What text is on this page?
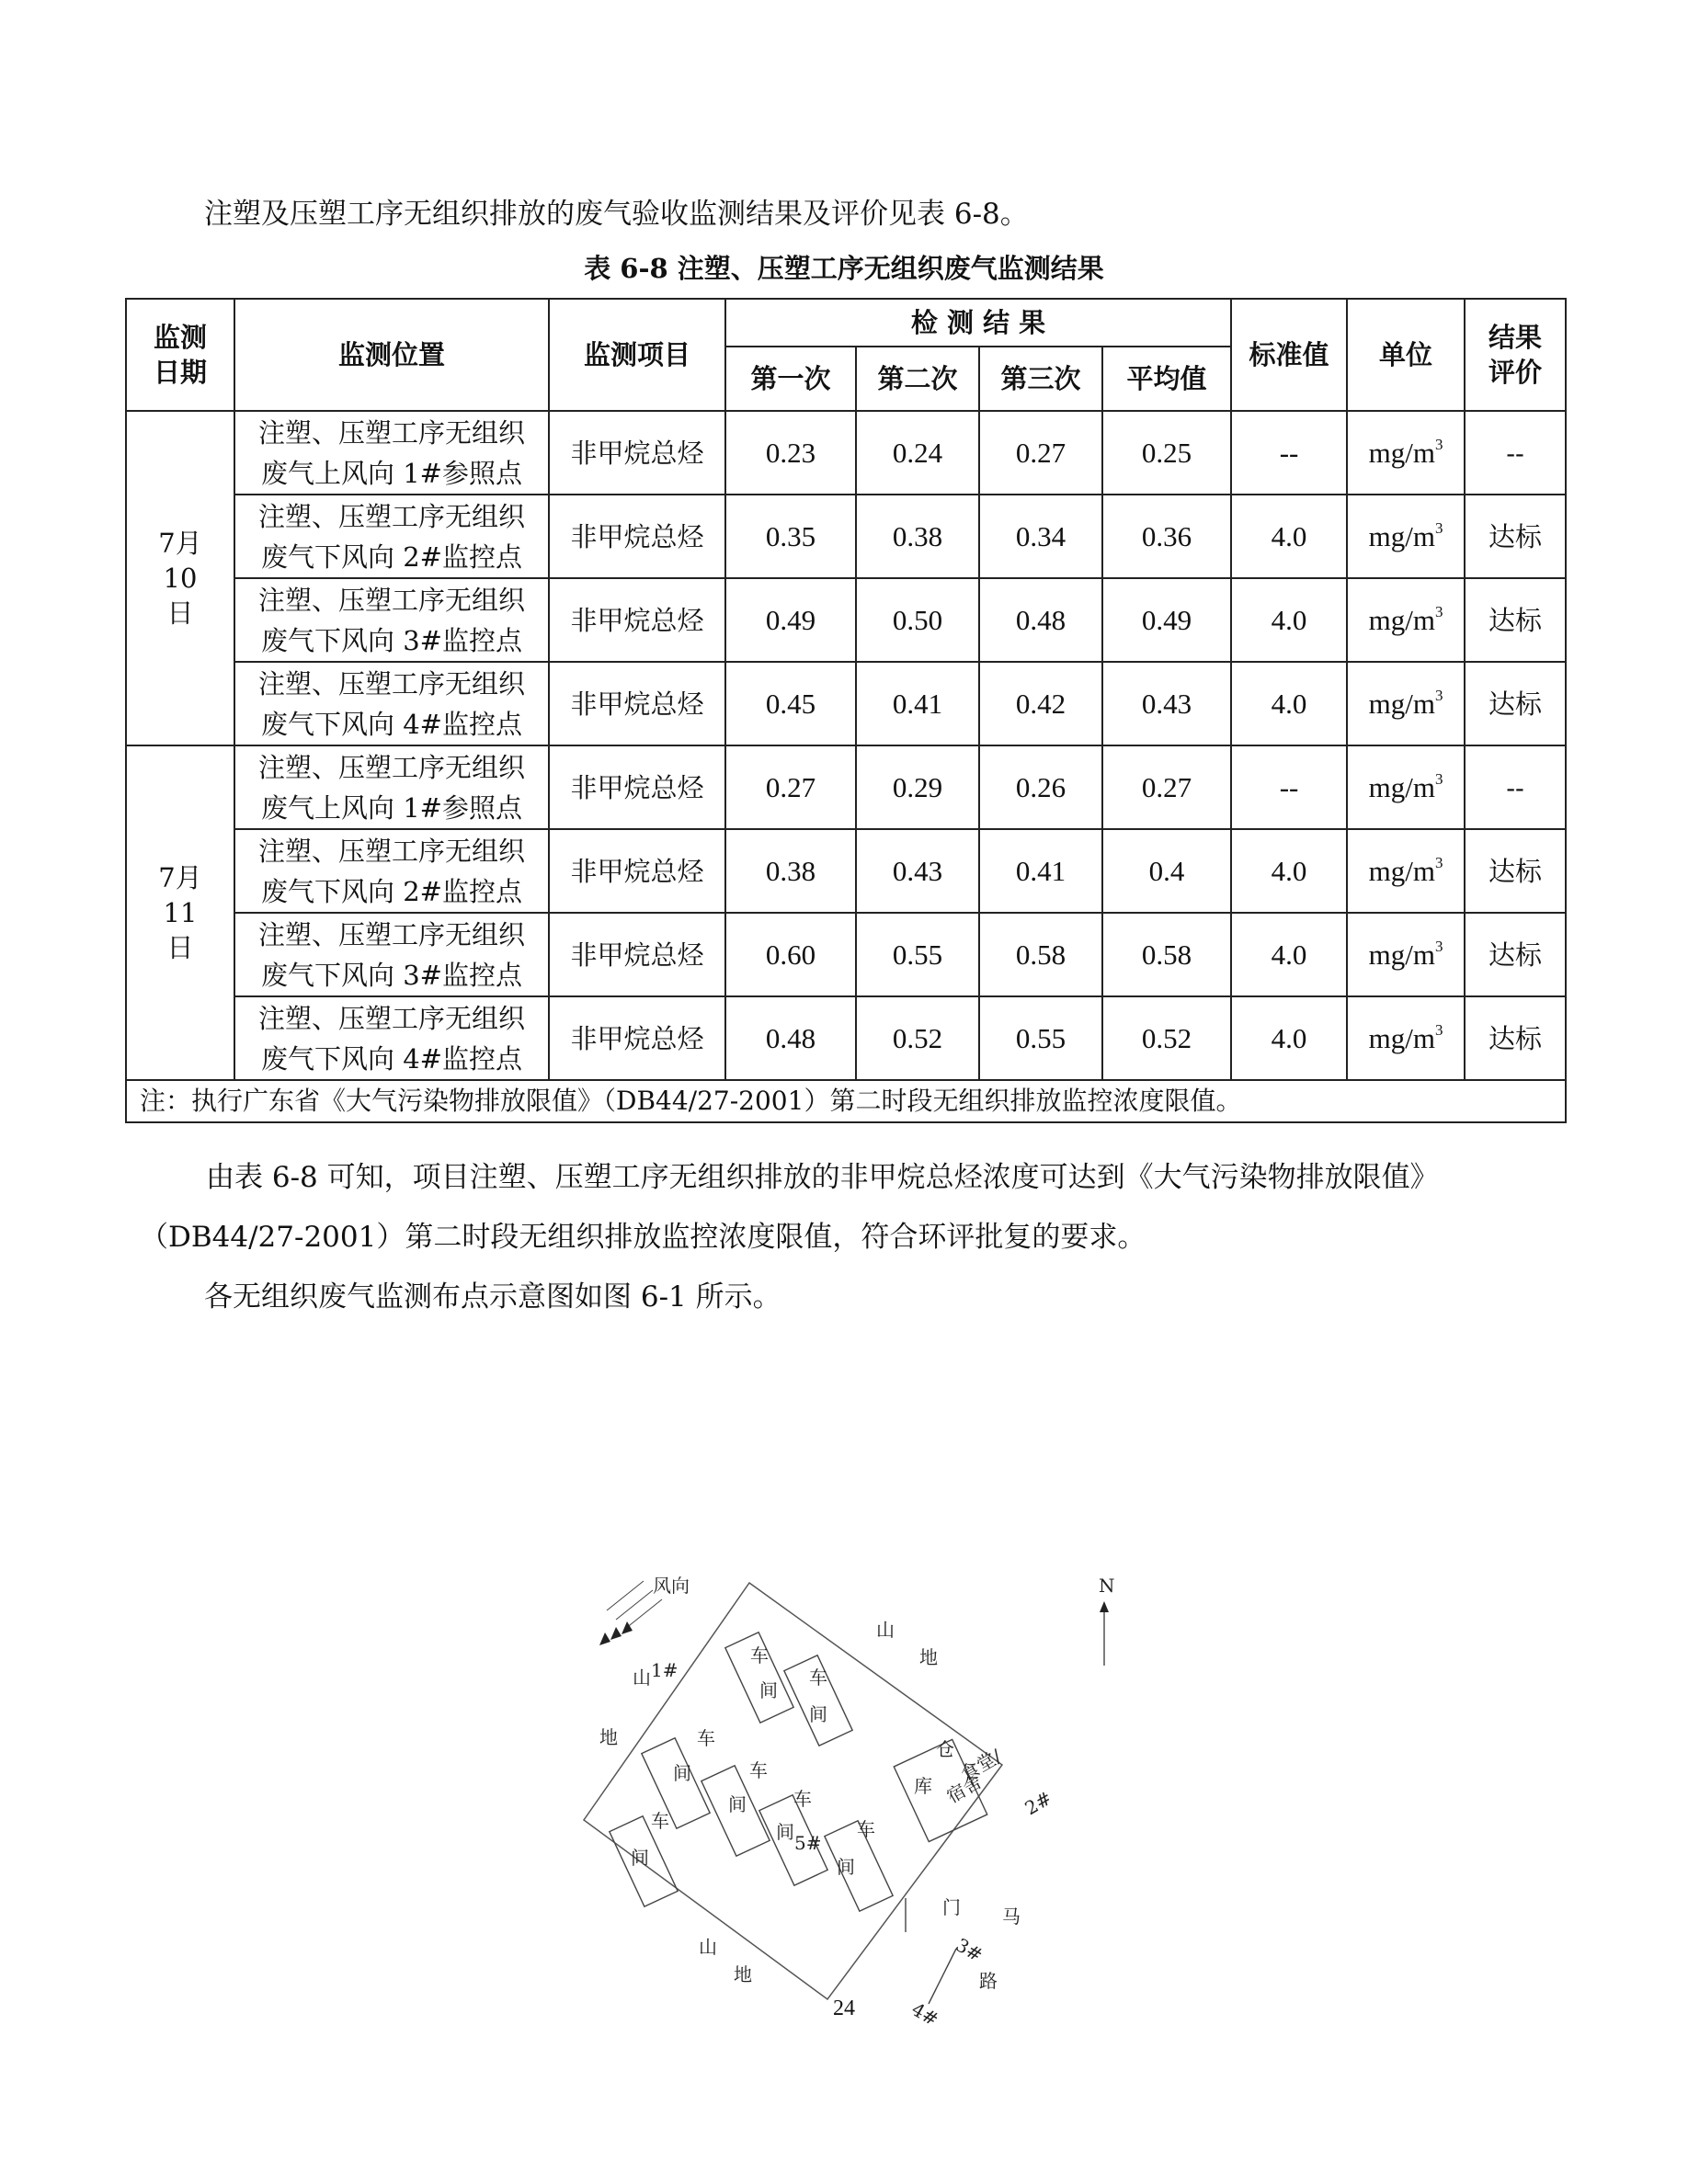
注塑及压塑工序无组织排放的废气验收监测结果及评价见表 6-8。

表 6-8 注塑、压塑工序无组织废气监测结果
监测日期	监测位置	监测项目	检 测 结 果				标准值	单位	结果评价
			第一次	第二次	第三次	平均值			
7月10日	注塑、压塑工序无组织
废气上风向 1#参照点	非甲烷总烃	0.23	0.24	0.27	0.25	--	$mg/m^3$	--

	注塑、压塑工序无组织
废气下风向 2#监控点	非甲烷总烃	0.35	0.38	0.34	0.36	4.0	$mg/m^3$	达标

	注塑、压塑工序无组织
废气下风向 3#监控点	非甲烷总烃	0.49	0.50	0.48	0.49	4.0	$mg/m^3$	达标

	注塑、压塑工序无组织
废气下风向 4#监控点	非甲烷总烃	0.45	0.41	0.42	0.43	4.0	$mg/m^3$	达标
7月11日	注塑、压塑工序无组织
废气上风向 1#参照点	非甲烷总烃	0.27	0.29	0.26	0.27	--	$mg/m^3$	--

	注塑、压塑工序无组织
废气下风向 2#监控点	非甲烷总烃	0.38	0.43	0.41	0.4	4.0	$mg/m^3$	达标

	注塑、压塑工序无组织
废气下风向 3#监控点	非甲烷总烃	0.60	0.55	0.58	0.58	4.0	$mg/m^3$	达标

	注塑、压塑工序无组织
废气下风向 4#监控点	非甲烷总烃	0.48	0.52	0.55	0.52	4.0	$mg/m^3$	达标
注：执行广东省《大气污染物排放限值》（DB44/27-2001）第二时段无组织排放监控浓度限值。									

由表 6-8 可知，项目注塑、压塑工序无组织排放的非甲烷总烃浓度可达到《大气污染物排放限值》（DB44/27-2001）第二时段无组织排放监控浓度限值，符合环评批复的要求。

各无组织废气监测布点示意图如图 6-1 所示。

N
风向
山 1#
山
地
地
车
间
车
间
车
间	车
间	车
间 5#
车
间
车
间
仓
库
食堂/
宿舍 2#
门 马
3#
路
山
地
4#
24
